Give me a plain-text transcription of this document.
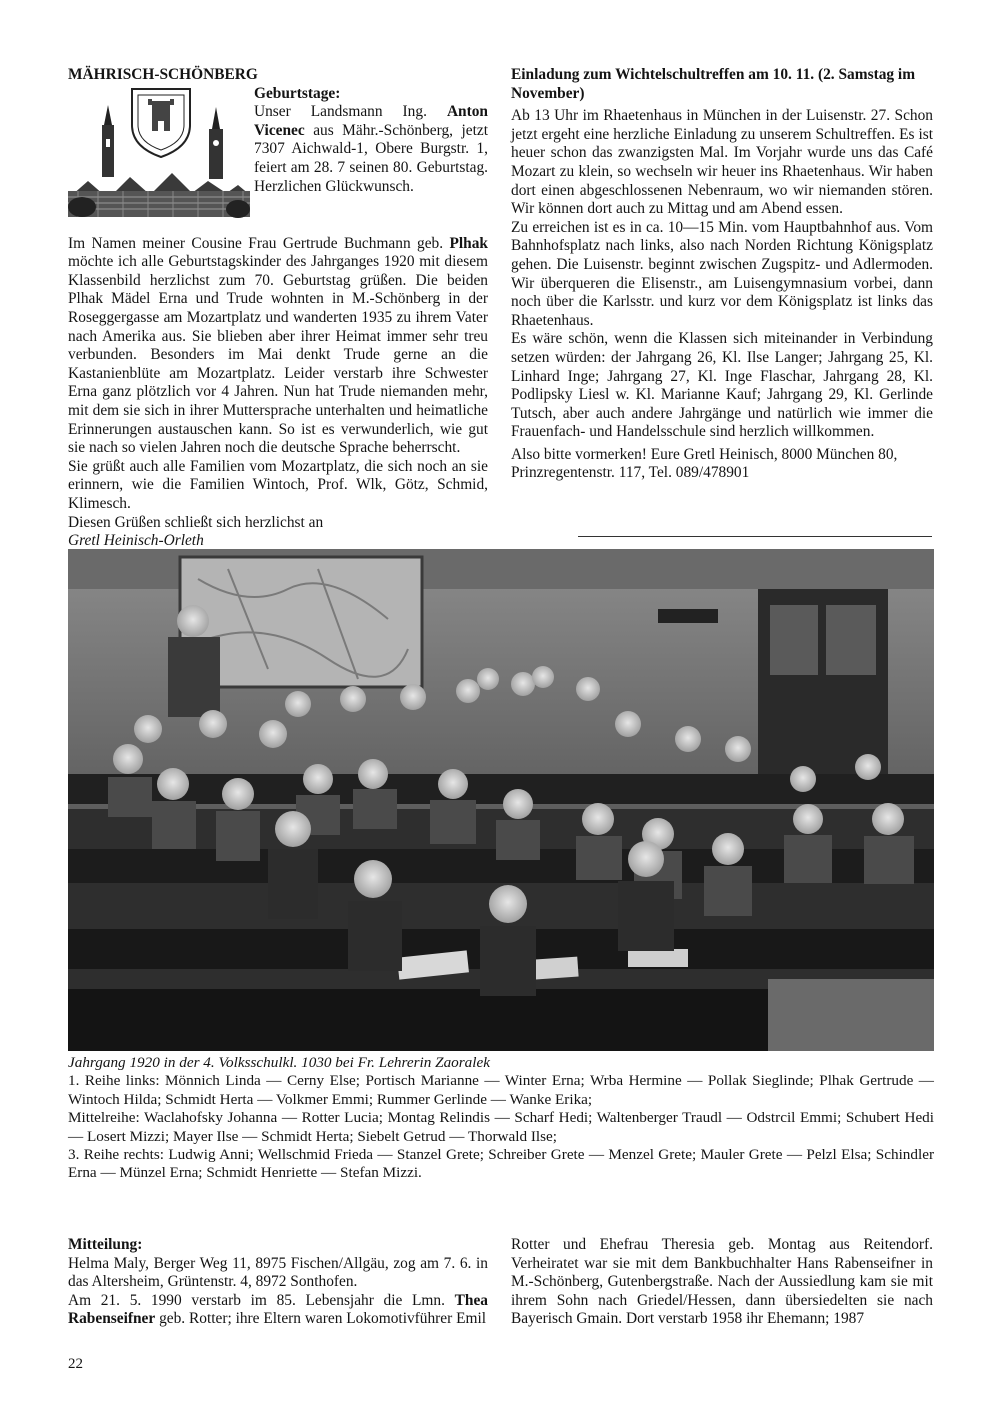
MÄHRISCH-SCHÖNBERG

Geburtstage:

Unser Landsmann Ing. Anton Vicenec aus Mähr.-Schönberg, jetzt 7307 Aichwald-1, Obere Burgstr. 1, feiert am 28. 7 seinen 80. Geburtstag. Herzlichen Glückwunsch.

Im Namen meiner Cousine Frau Gertrude Buchmann geb. Plhak möchte ich alle Geburtstagskinder des Jahrganges 1920 mit diesem Klassenbild herzlichst zum 70. Geburtstag grüßen. Die beiden Plhak Mädel Erna und Trude wohnten in M.-Schönberg in der Roseggergasse am Mozartplatz und wanderten 1935 zu ihrem Vater nach Amerika aus. Sie blieben aber ihrer Heimat immer sehr treu verbunden. Besonders im Mai denkt Trude gerne an die Kastanienblüte am Mozartplatz. Leider verstarb ihre Schwester Erna ganz plötzlich vor 4 Jahren. Nun hat Trude niemanden mehr, mit dem sie sich in ihrer Muttersprache unterhalten und heimatliche Erinnerungen austauschen kann. So ist es verwunderlich, wie gut sie nach so vielen Jahren noch die deutsche Sprache beherrscht.

Sie grüßt auch alle Familien vom Mozartplatz, die sich noch an sie erinnern, wie die Familien Wintoch, Prof. Wlk, Götz, Schmid, Klimesch.

Diesen Grüßen schließt sich herzlichst an

Gretl Heinisch-Orleth

Einladung zum Wichtelschultreffen am 10. 11. (2. Samstag im November)

Ab 13 Uhr im Rhaetenhaus in München in der Luisenstr. 27. Schon jetzt ergeht eine herzliche Einladung zu unserem Schultreffen. Es ist heuer schon das zwanzigsten Mal. Im Vorjahr wurde uns das Café Mozart zu klein, so wechseln wir heuer ins Rhaetenhaus. Wir haben dort einen abgeschlossenen Nebenraum, wo wir niemanden stören. Wir können dort auch zu Mittag und am Abend essen.

Zu erreichen ist es in ca. 10—15 Min. vom Hauptbahnhof aus. Vom Bahnhofsplatz nach links, also nach Norden Richtung Königsplatz gehen. Die Luisenstr. beginnt zwischen Zugspitz- und Adlermoden. Wir überqueren die Elisenstr., am Luisengymnasium vorbei, dann noch über die Karlsstr. und kurz vor dem Königsplatz ist links das Rhaetenhaus.

Es wäre schön, wenn die Klassen sich miteinander in Verbindung setzen würden: der Jahrgang 26, Kl. Ilse Langer; Jahrgang 25, Kl. Linhard Inge; Jahrgang 27, Kl. Inge Flaschar, Jahrgang 28, Kl. Podlipsky Liesl w. Kl. Marianne Kauf; Jahrgang 29, Kl. Gerlinde Tutsch, aber auch andere Jahrgänge und natürlich wie immer die Frauenfach- und Handelsschule sind herzlich willkommen.

Also bitte vormerken! Eure Gretl Heinisch, 8000 München 80, Prinzregentenstr. 117, Tel. 089/478901

Jahrgang 1920 in der 4. Volksschulkl. 1030 bei Fr. Lehrerin Zaoralek

1. Reihe links: Mönnich Linda — Cerny Else; Portisch Marianne — Winter Erna; Wrba Hermine — Pollak Sieglinde; Plhak Gertrude — Wintoch Hilda; Schmidt Herta — Volkmer Emmi; Rummer Gerlinde — Wanke Erika;

Mittelreihe: Waclahofsky Johanna — Rotter Lucia; Montag Relindis — Scharf Hedi; Waltenberger Traudl — Odstrcil Emmi; Schubert Hedi — Losert Mizzi; Mayer Ilse — Schmidt Herta; Siebelt Getrud — Thorwald Ilse;

3. Reihe rechts: Ludwig Anni; Wellschmid Frieda — Stanzel Grete; Schreiber Grete — Menzel Grete; Mauler Grete — Pelzl Elsa; Schindler Erna — Münzel Erna; Schmidt Henriette — Stefan Mizzi.

Mitteilung:

Helma Maly, Berger Weg 11, 8975 Fischen/Allgäu, zog am 7. 6. in das Altersheim, Grüntenstr. 4, 8972 Sonthofen.

Am 21. 5. 1990 verstarb im 85. Lebensjahr die Lmn. Thea Rabenseifner geb. Rotter; ihre Eltern waren Lokomotivführer Emil

Rotter und Ehefrau Theresia geb. Montag aus Reitendorf. Verheiratet war sie mit dem Bankbuchhalter Hans Rabenseifner in M.-Schönberg, Gutenbergstraße. Nach der Aussiedlung kam sie mit ihrem Sohn nach Griedel/Hessen, dann übersiedelten sie nach Bayerisch Gmain. Dort verstarb 1958 ihr Ehemann; 1987

22
